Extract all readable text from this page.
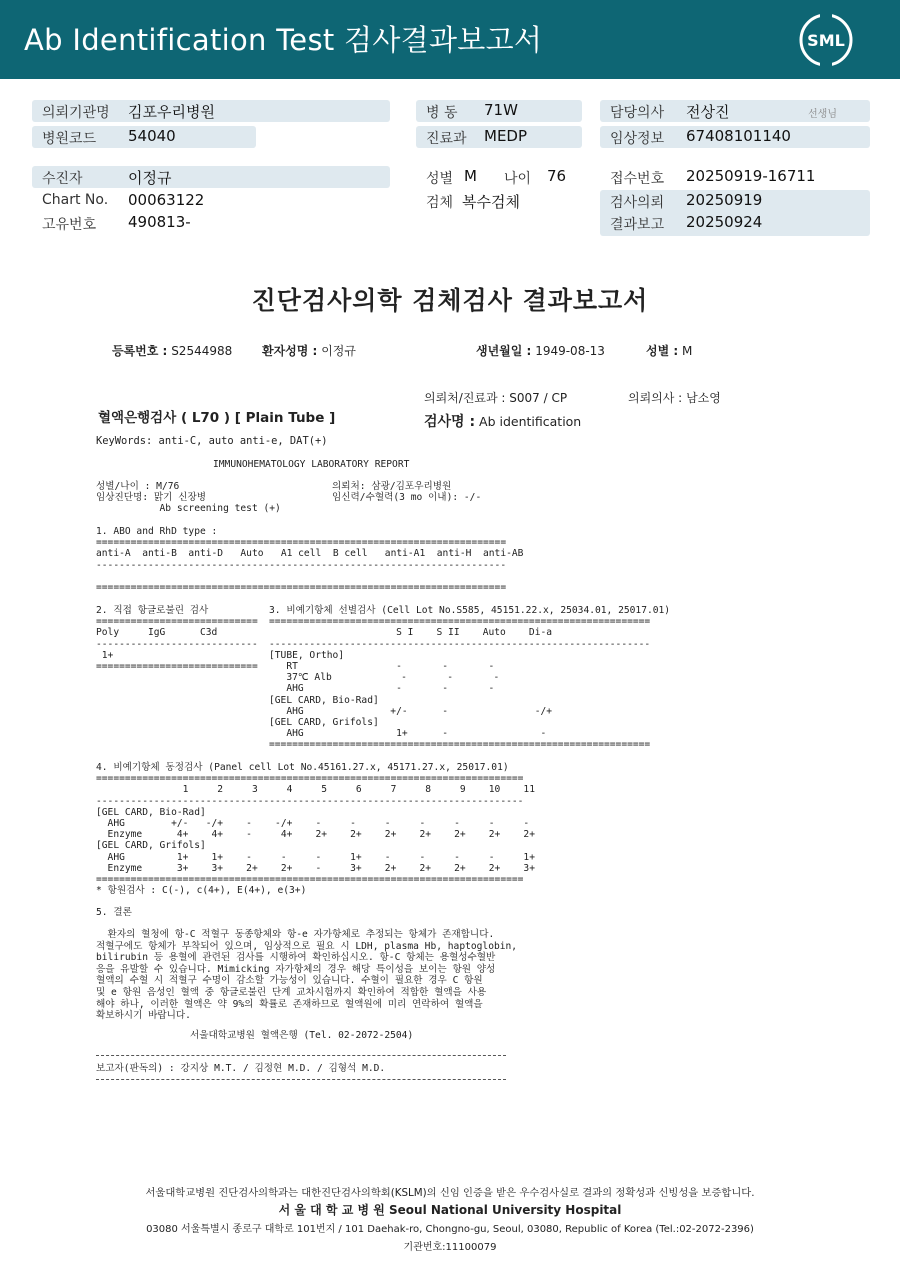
Ab Identification Test 검사결과보고서	SML
의뢰기관명 김포우리병원
병원코드 54040
수진자	이정규
Chart No. 00063122
고유번호 490813-
병 동 71W
진료과 MEDP
성별 M 나이 76
검체 복수검체
담당의사 전상진	선생님
임상정보 67408101140
접수번호 20250919-16711
검사의뢰 20250919
결과보고 20250924
진단검사의학 검체검사 결과보고서
등록번호 : S2544988 환자성명 : 이정규	생년월일 : 1949-08-13	성별 : M
의뢰처/진료과 : S007 / CP	의뢰의사 : 남소영
혈액은행검사 ( L70 ) [ Plain Tube ]	검사명 : Ab identification
KeyWords: anti-C, auto anti-e, DAT(+)
IMMUNOHEMATOLOGY LABORATORY REPORT
성별/나이 : M/76
임상진단명: 맑기 신장병
Ab screening test (+)
의뢰처: 삼광/김포우리병원
임신력/수혈력(3 mo 이내): -/-
1. ABO and RhD type :
=======================================================================
anti-A  anti-B  anti-D   Auto   A1 cell  B cell   anti-A1  anti-H  anti-AB
-----------------------------------------------------------------------

=======================================================================
2. 직접 항글로불린 검사
============================
Poly     IgG      C3d
----------------------------
1+
============================
3. 비예기항체 선별검사 (Cell Lot No.S585, 45151.22.x, 25034.01, 25017.01)
==================================================================
S I    S II    Auto    Di-a
------------------------------------------------------------------
[TUBE, Ortho]
RT                 -       -       -
37℃ Alb            -       -       -
AHG                -       -       -
[GEL CARD, Bio-Rad]
AHG               +/-      -               -/+
[GEL CARD, Grifols]
AHG                1+      -                -
==================================================================
4. 비예기항체 동정검사 (Panel cell Lot No.45161.27.x, 45171.27.x, 25017.01)
==========================================================================
1     2     3     4     5     6     7     8     9    10    11
--------------------------------------------------------------------------
[GEL CARD, Bio-Rad]
AHG        +/-   -/+    -    -/+    -     -     -     -     -     -     -
Enzyme      4+    4+    -     4+    2+    2+    2+    2+    2+    2+    2+
[GEL CARD, Grifols]
AHG         1+    1+    -     -     -     1+    -     -     -     -     1+
Enzyme      3+    3+    2+    2+    -     3+    2+    2+    2+    2+    3+
==========================================================================
* 항원검사 : C(-), c(4+), E(4+), e(3+)
5. 결론
환자의 혈청에 항-C 적혈구 동종항체와 항-e 자가항체로 추정되는 항체가 존재합니다.
적혈구에도 항체가 부착되어 있으며, 임상적으로 필요 시 LDH, plasma Hb, haptoglobin,
bilirubin 등 용혈에 관련된 검사를 시행하여 확인하십시오. 항-C 항체는 용혈성수혈반
응을 유발할 수 있습니다. Mimicking 자가항체의 경우 해당 특이성을 보이는 항원 양성
혈액의 수혈 시 적혈구 수명이 감소할 가능성이 있습니다. 수혈이 필요한 경우 C 항원
및 e 항원 음성인 혈액 중 항글로불린 단계 교차시험까지 확인하여 적합한 혈액을 사용
해야 하나, 이러한 혈액은 약 9%의 확률로 존재하므로 혈액원에 미리 연락하여 혈액을
확보하시기 바랍니다.
서울대학교병원 혈액은행 (Tel. 02-2072-2504)
보고자(판독의) : 강지상 M.T. / 김정현 M.D. / 김형석 M.D.
서울대학교병원 진단검사의학과는 대한진단검사의학회(KSLM)의 신임 인증을 받은 우수검사실로 결과의 정확성과 신빙성을 보증합니다.
서 울 대 학 교 병 원 Seoul National University Hospital
03080 서울특별시 종로구 대학로 101번지 / 101 Daehak-ro, Chongno-gu, Seoul, 03080, Republic of Korea (Tel.:02-2072-2396)
기관번호:11100079
